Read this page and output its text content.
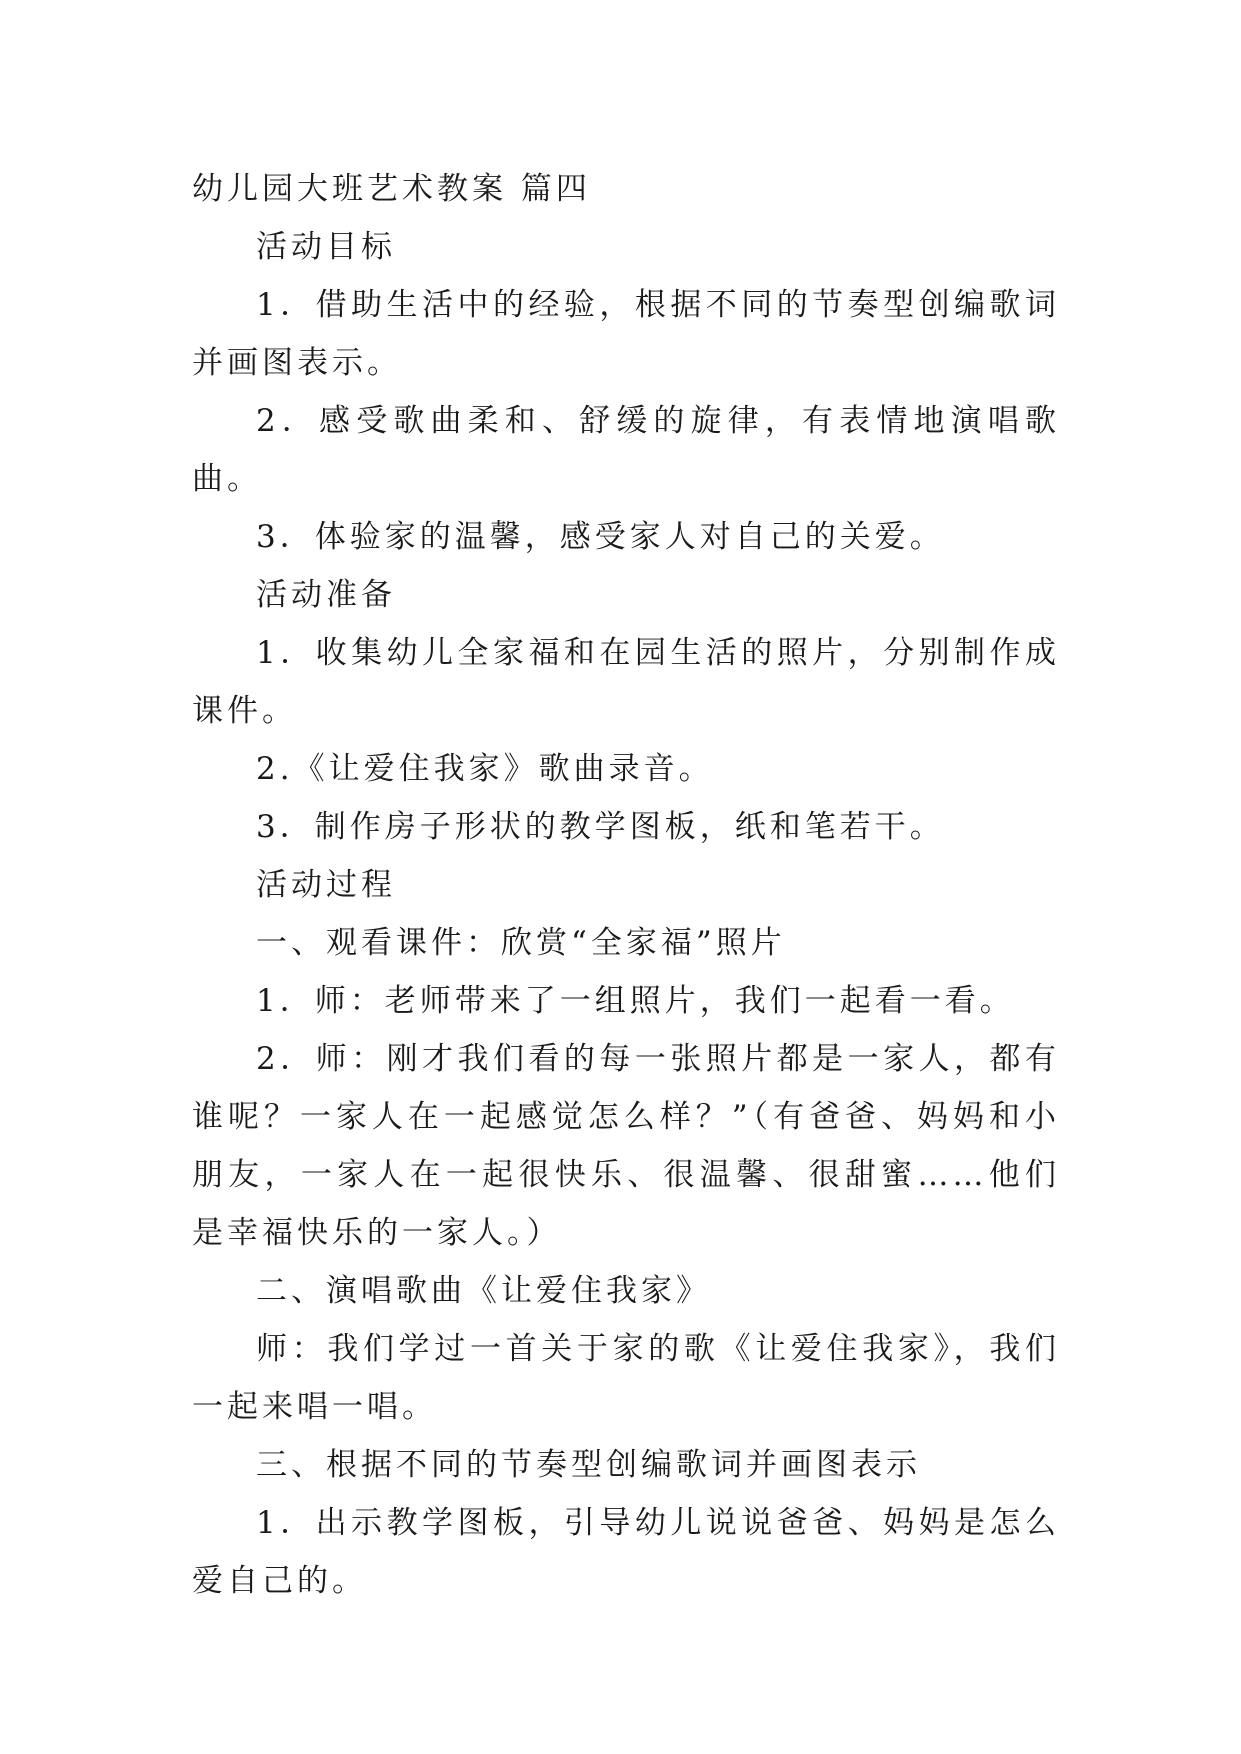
幼儿园大班艺术教案 篇四

活动目标

1．借助生活中的经验，根据不同的节奏型创编歌词并画图表示。

2．感受歌曲柔和、舒缓的旋律，有表情地演唱歌曲。

3．体验家的温馨，感受家人对自己的关爱。

活动准备

1．收集幼儿全家福和在园生活的照片，分别制作成课件。

2.《让爱住我家》歌曲录音。

3．制作房子形状的教学图板，纸和笔若干。

活动过程

一、观看课件：欣赏“全家福”照片

1．师：老师带来了一组照片，我们一起看一看。

2．师：刚才我们看的每一张照片都是一家人，都有谁呢？一家人在一起感觉怎么样？”（有爸爸、妈妈和小朋友，一家人在一起很快乐、很温馨、很甜蜜……他们是幸福快乐的一家人。）

二、演唱歌曲《让爱住我家》

师：我们学过一首关于家的歌《让爱住我家》，我们一起来唱一唱。

三、根据不同的节奏型创编歌词并画图表示

1．出示教学图板，引导幼儿说说爸爸、妈妈是怎么爱自己的。
